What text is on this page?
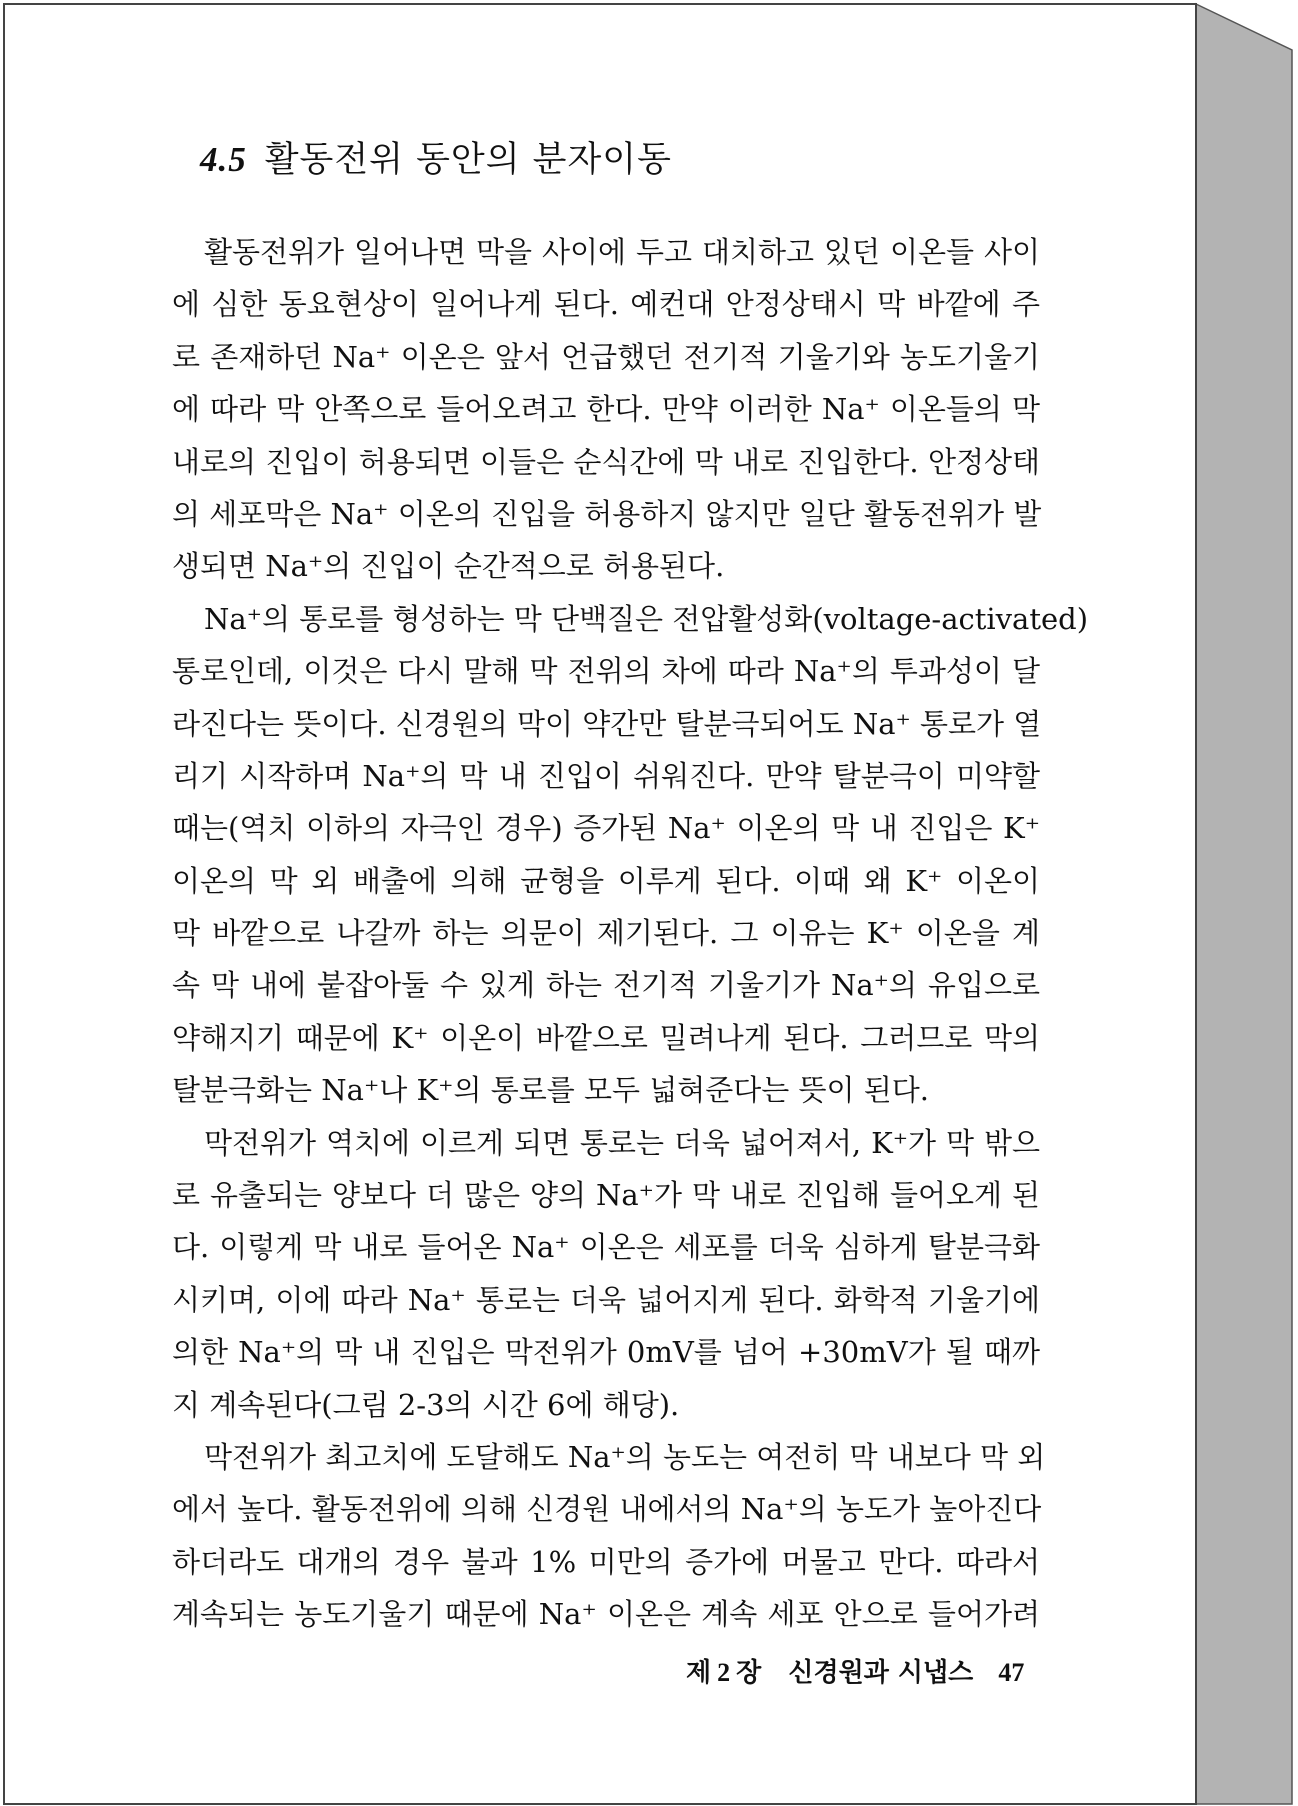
4.5 활동전위 동안의 분자이동
활동전위가 일어나면 막을 사이에 두고 대치하고 있던 이온들 사이
에 심한 동요현상이 일어나게 된다. 예컨대 안정상태시 막 바깥에 주
로 존재하던 Na⁺ 이온은 앞서 언급했던 전기적 기울기와 농도기울기
에 따라 막 안쪽으로 들어오려고 한다. 만약 이러한 Na⁺ 이온들의 막
내로의 진입이 허용되면 이들은 순식간에 막 내로 진입한다. 안정상태
의 세포막은 Na⁺ 이온의 진입을 허용하지 않지만 일단 활동전위가 발
생되면 Na⁺의 진입이 순간적으로 허용된다.
Na⁺의 통로를 형성하는 막 단백질은 전압활성화(voltage-activated)
통로인데, 이것은 다시 말해 막 전위의 차에 따라 Na⁺의 투과성이 달
라진다는 뜻이다. 신경원의 막이 약간만 탈분극되어도 Na⁺ 통로가 열
리기 시작하며 Na⁺의 막 내 진입이 쉬워진다. 만약 탈분극이 미약할
때는(역치 이하의 자극인 경우) 증가된 Na⁺ 이온의 막 내 진입은 K⁺
이온의 막 외 배출에 의해 균형을 이루게 된다. 이때 왜 K⁺ 이온이
막 바깥으로 나갈까 하는 의문이 제기된다. 그 이유는 K⁺ 이온을 계
속 막 내에 붙잡아둘 수 있게 하는 전기적 기울기가 Na⁺의 유입으로
약해지기 때문에 K⁺ 이온이 바깥으로 밀려나게 된다. 그러므로 막의
탈분극화는 Na⁺나 K⁺의 통로를 모두 넓혀준다는 뜻이 된다.
막전위가 역치에 이르게 되면 통로는 더욱 넓어져서, K⁺가 막 밖으
로 유출되는 양보다 더 많은 양의 Na⁺가 막 내로 진입해 들어오게 된
다. 이렇게 막 내로 들어온 Na⁺ 이온은 세포를 더욱 심하게 탈분극화
시키며, 이에 따라 Na⁺ 통로는 더욱 넓어지게 된다. 화학적 기울기에
의한 Na⁺의 막 내 진입은 막전위가 0mV를 넘어 +30mV가 될 때까
지 계속된다(그림 2-3의 시간 6에 해당).
막전위가 최고치에 도달해도 Na⁺의 농도는 여전히 막 내보다 막 외
에서 높다. 활동전위에 의해 신경원 내에서의 Na⁺의 농도가 높아진다
하더라도 대개의 경우 불과 1% 미만의 증가에 머물고 만다. 따라서
계속되는 농도기울기 때문에 Na⁺ 이온은 계속 세포 안으로 들어가려
제 2 장 신경원과 시냅스 47
